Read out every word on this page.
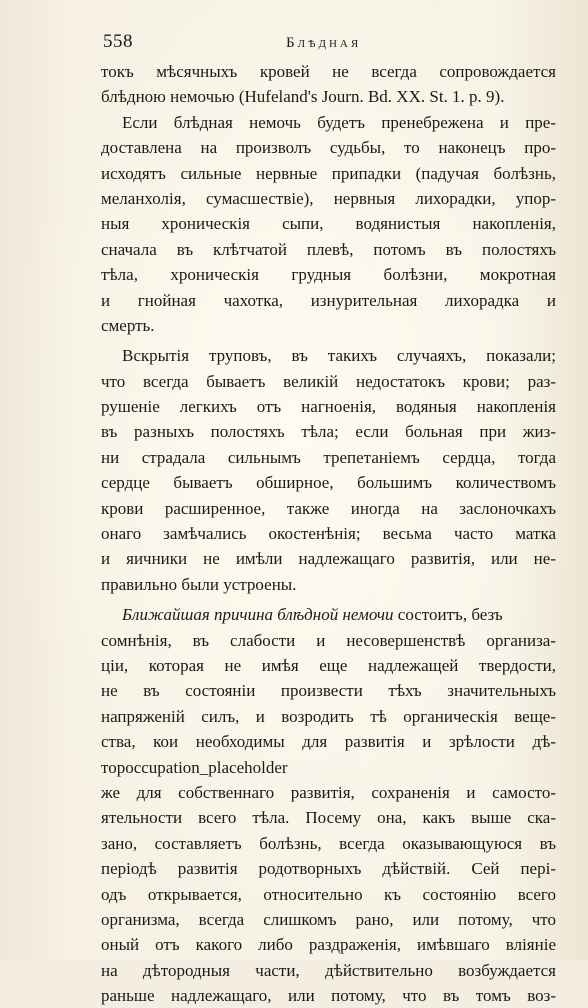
558	Блѣдная
токъ мѣсячныхъ кровей не всегда сопровождается
блѣдною немочью (Hufeland's Journ. Bd. XX. St. 1. p. 9).
Если блѣдная немочь будетъ пренебрежена и пре-
доставлена на произволъ судьбы, то наконецъ про-
исходятъ сильные нервные припадки (падучая болѣзнь,
меланхолія, сумасшествіе), нервныя лихорадки, упор-
ныя хроническія сыпи, водянистыя накопленія,
сначала въ клѣтчатой плевѣ, потомъ въ полостяхъ
тѣла, хроническія грудныя болѣзни, мокротная
и гнойная чахотка, изнурительная лихорадка и
смерть.
Вскрытія труповъ, въ такихъ случаяхъ, показали;
что всегда бываетъ великій недостатокъ крови; раз-
рушеніе легкихъ отъ нагноенія, водяныя накопленія
въ разныхъ полостяхъ тѣла; если больная при жиз-
ни страдала сильнымъ трепетаніемъ сердца, тогда
сердце бываетъ обширное, большимъ количествомъ
крови расширенное, также иногда на заслоночкахъ
онаго замѣчались окостенѣнія; весьма часто матка
и яичники не имѣли надлежащаго развитія, или не-
правильно были устроены.
Ближайшая причина блѣдной немочи состоитъ, безъ
сомнѣнія, въ слабости и несовершенствѣ организа-
ціи, которая не имѣя еще надлежащей твердости,
не въ состояніи произвести тѣхъ значительныхъ
напряженій силъ, и возродить тѣ органическія веще-
ства, кои необходимы для развитія и зрѣлости дѣ-
торoccupation_placeholder
же для собственнаго развитія, сохраненія и самосто-
ятельности всего тѣла. Посему она, какъ выше ска-
зано, составляетъ болѣзнь, всегда оказывающуюся въ
періодѣ развитія родотворныхъ дѣйствій. Сей пері-
одъ открывается, относительно къ состоянію всего
организма, всегда слишкомъ рано, или потому, что
оный отъ какого либо раздраженія, имѣвшаго вліяніе
на дѣтородныя части, дѣйствительно возбуждается
раньше надлежащаго, или потому, что въ томъ воз-
